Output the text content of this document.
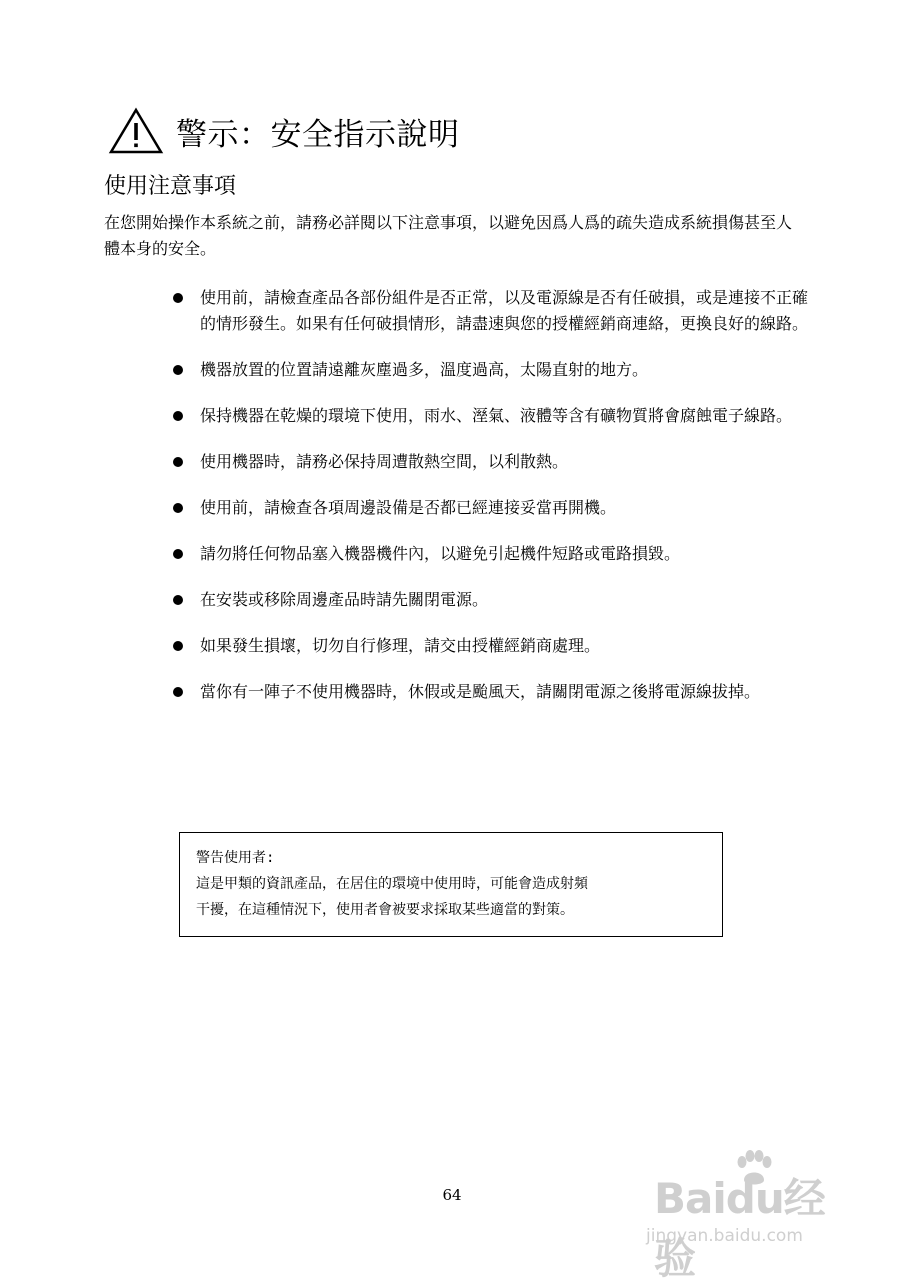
警示：安全指示說明
使用注意事項

在您開始操作本系統之前，請務必詳閱以下注意事項，以避免因爲人爲的疏失造成系統損傷甚至人體本身的安全。

使用前，請檢查產品各部份組件是否正常，以及電源線是否有任破損，或是連接不正確的情形發生。如果有任何破損情形，請盡速與您的授權經銷商連絡，更換良好的線路。
機器放置的位置請遠離灰塵過多，溫度過高，太陽直射的地方。
保持機器在乾燥的環境下使用，雨水、溼氣、液體等含有礦物質將會腐蝕電子線路。
使用機器時，請務必保持周遭散熱空間，以利散熱。
使用前，請檢查各項周邊設備是否都已經連接妥當再開機。
請勿將任何物品塞入機器機件內，以避免引起機件短路或電路損毀。
在安裝或移除周邊產品時請先關閉電源。
如果發生損壞，切勿自行修理，請交由授權經銷商處理。
當你有一陣子不使用機器時，休假或是颱風天，請關閉電源之後將電源線拔掉。
警告使用者:
這是甲類的資訊產品，在居住的環境中使用時，可能會造成射頻
干擾，在這種情況下，使用者會被要求採取某些適當的對策。
64	Baidu经验
jingyan.baidu.com
